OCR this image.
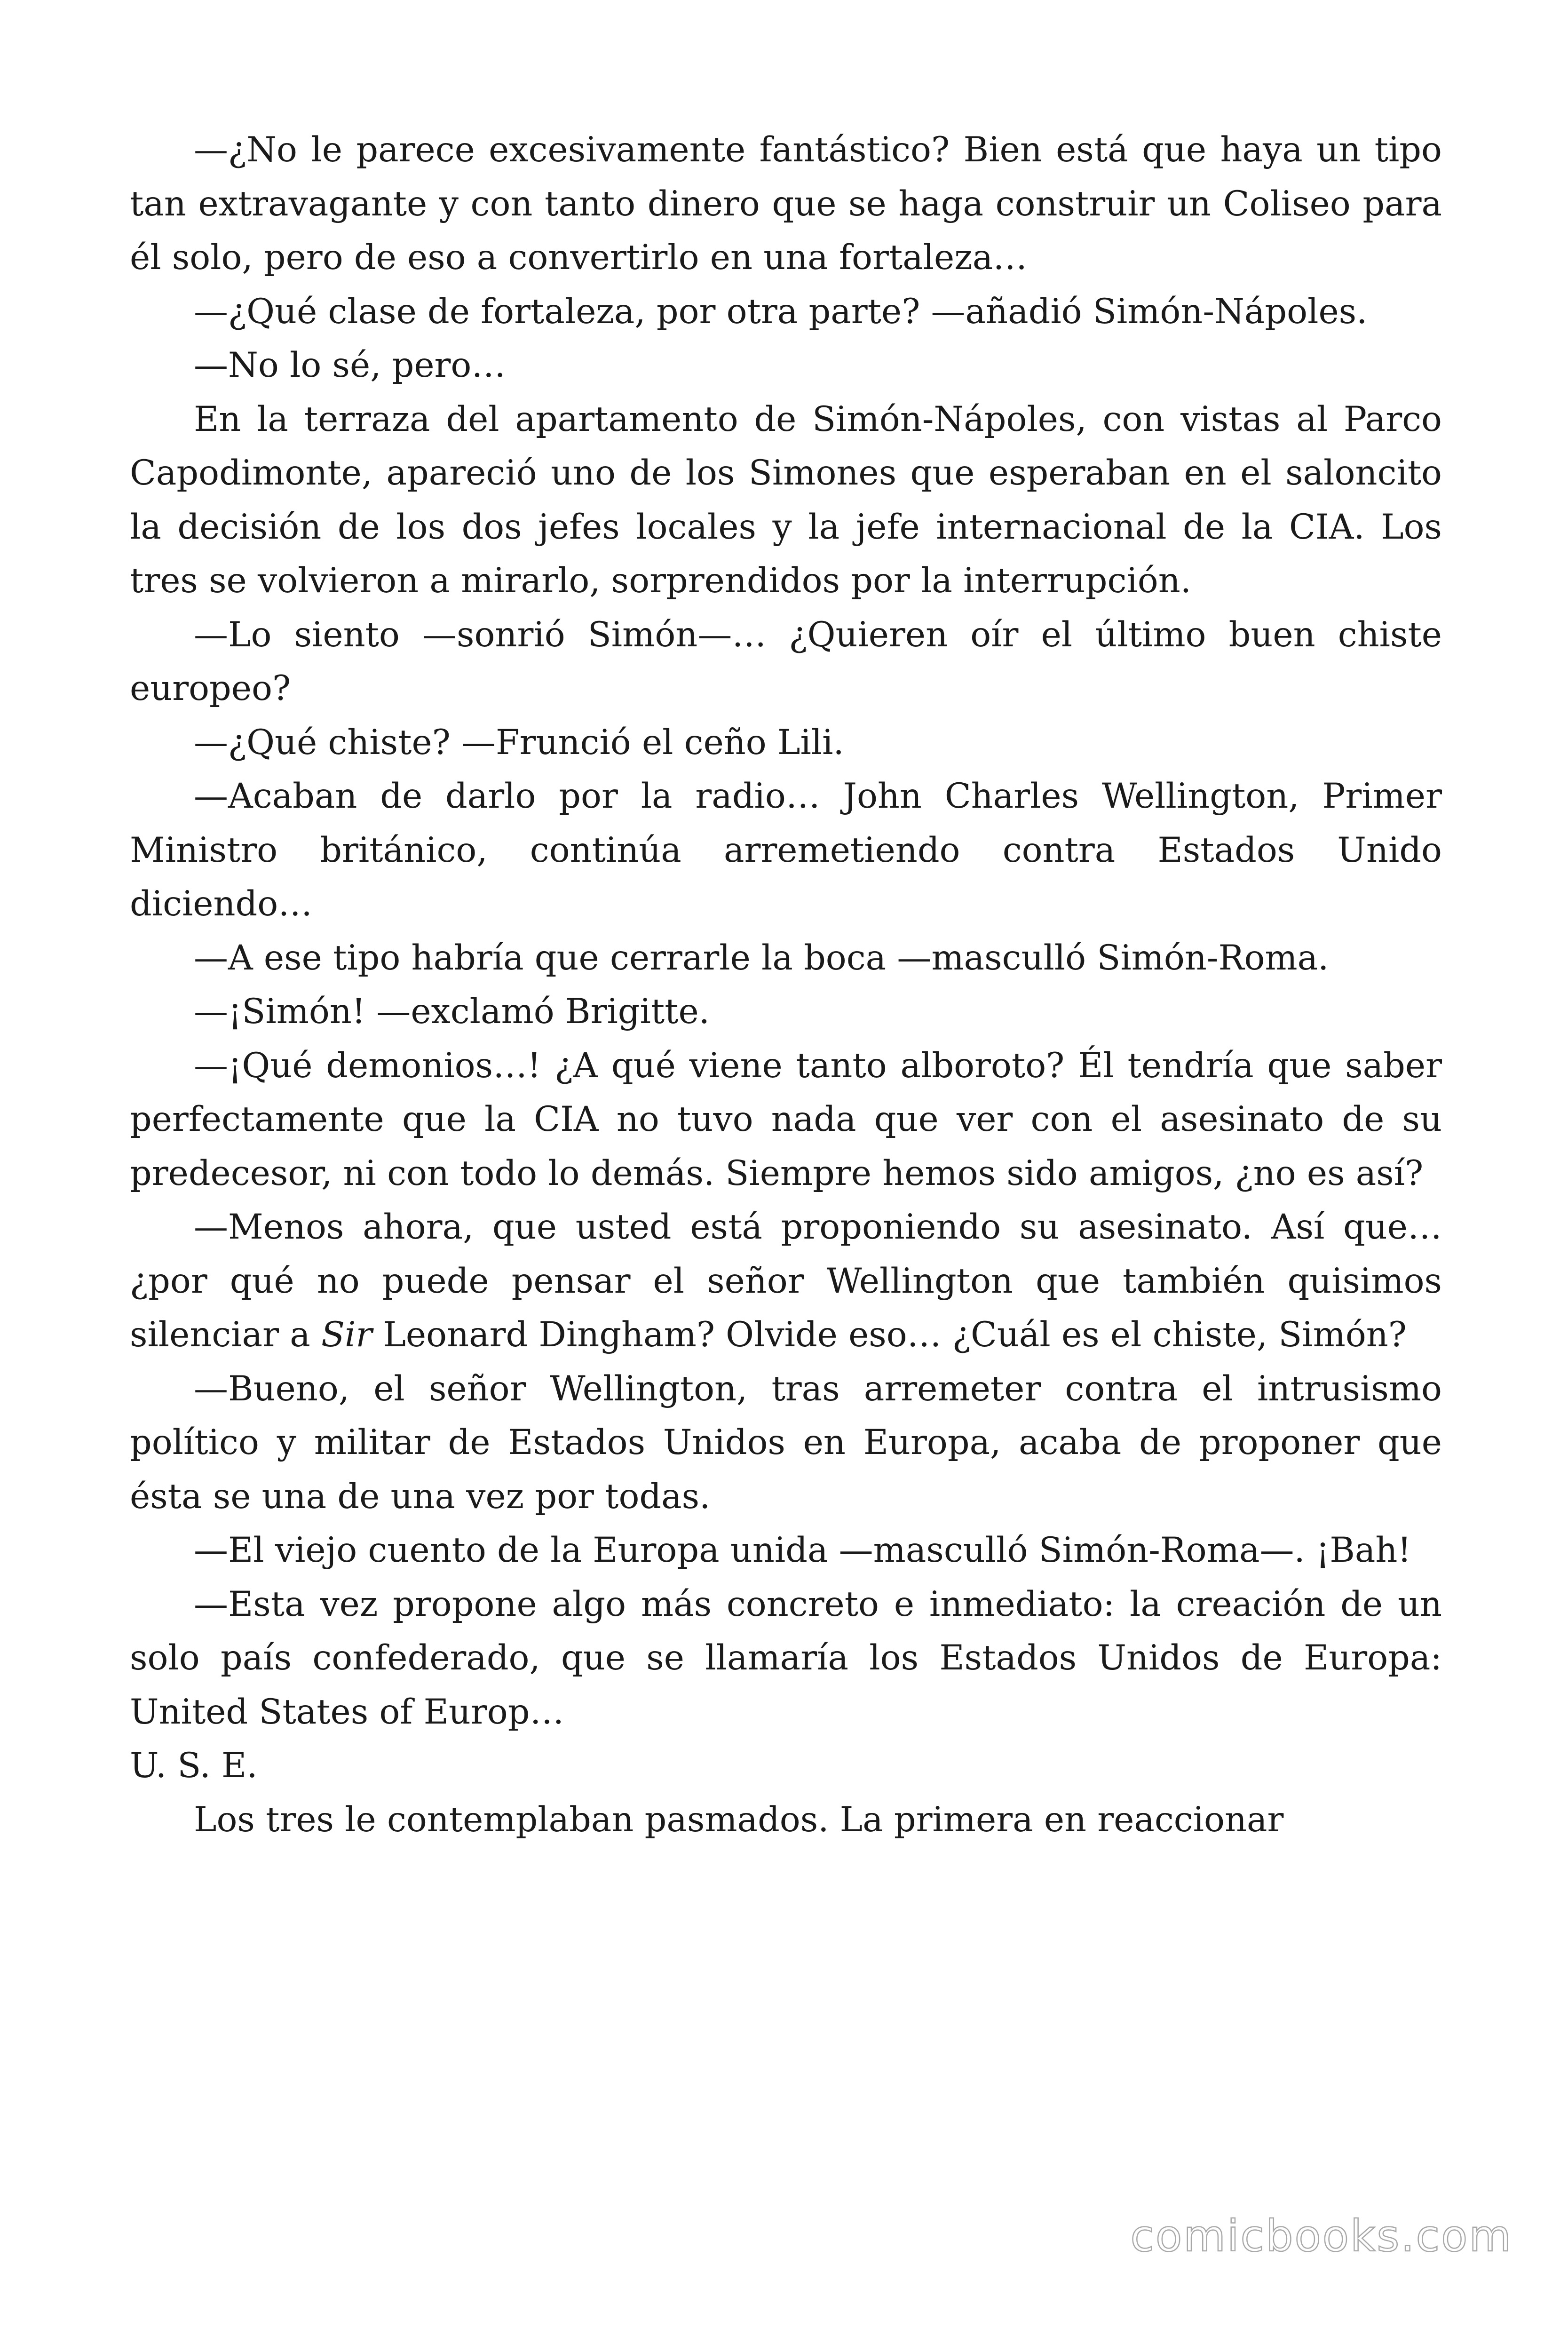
—¿No le parece excesivamente fantástico? Bien está que haya un tipo tan extravagante y con tanto dinero que se haga construir un Coliseo para él solo, pero de eso a convertirlo en una fortaleza…

—¿Qué clase de fortaleza, por otra parte? —añadió Simón-Nápoles.

—No lo sé, pero…

En la terraza del apartamento de Simón-Nápoles, con vistas al Parco Capodimonte, apareció uno de los Simones que esperaban en el saloncito la decisión de los dos jefes locales y la jefe internacional de la CIA. Los tres se volvieron a mirarlo, sorprendidos por la interrupción.

—Lo siento —sonrió Simón—… ¿Quieren oír el último buen chiste europeo?

—¿Qué chiste? —Frunció el ceño Lili.

—Acaban de darlo por la radio… John Charles Wellington, Primer Ministro británico, continúa arremetiendo contra Estados Unido diciendo…

—A ese tipo habría que cerrarle la boca —masculló Simón-Roma.

—¡Simón! —exclamó Brigitte.

—¡Qué demonios…! ¿A qué viene tanto alboroto? Él tendría que saber perfectamente que la CIA no tuvo nada que ver con el asesinato de su predecesor, ni con todo lo demás. Siempre hemos sido amigos, ¿no es así?

—Menos ahora, que usted está proponiendo su asesinato. Así que… ¿por qué no puede pensar el señor Wellington que también quisimos silenciar a Sir Leonard Dingham? Olvide eso… ¿Cuál es el chiste, Simón?

—Bueno, el señor Wellington, tras arremeter contra el intrusismo político y militar de Estados Unidos en Europa, acaba de proponer que ésta se una de una vez por todas.

—El viejo cuento de la Europa unida —masculló Simón-Roma—. ¡Bah!

—Esta vez propone algo más concreto e inmediato: la creación de un solo país confederado, que se llamaría los Estados Unidos de Europa: United States of Europ…

U. S. E.

Los tres le contemplaban pasmados. La primera en reaccionar

comicbooks.com
